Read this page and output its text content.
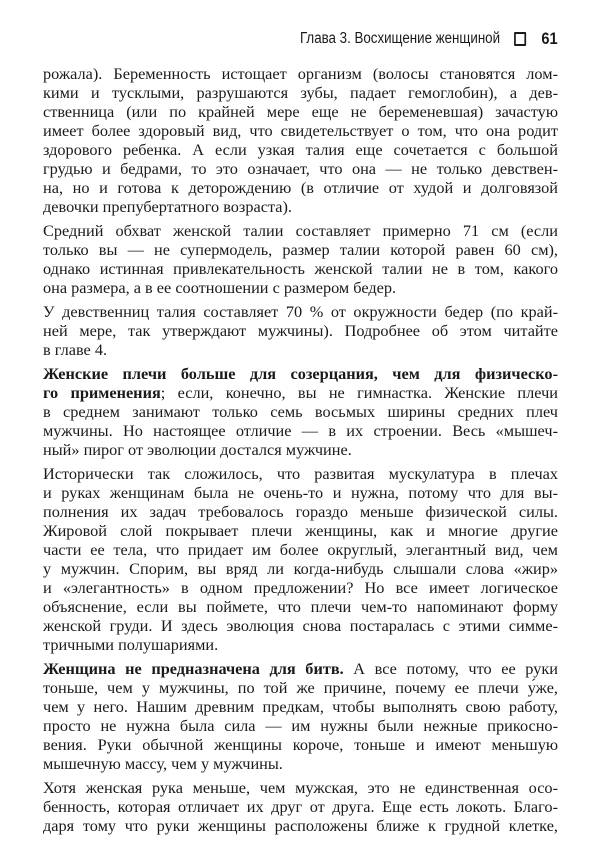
Глава 3. Восхищение женщиной 61
рожала). Беременность истощает организм (волосы становятся лом-
кими и тусклыми, разрушаются зубы, падает гемоглобин), а дев-
ственница (или по крайней мере еще не беременевшая) зачастую
имеет более здоровый вид, что свидетельствует о том, что она родит
здорового ребенка. А если узкая талия еще сочетается с большой
грудью и бедрами, то это означает, что она — не только девствен-
на, но и готова к деторождению (в отличие от худой и долговязой
девочки препубертатного возраста).
Средний обхват женской талии составляет примерно 71 см (если
только вы — не супермодель, размер талии которой равен 60 см),
однако истинная привлекательность женской талии не в том, какого
она размера, а в ее соотношении с размером бедер.
У девственниц талия составляет 70 % от окружности бедер (по край-
ней мере, так утверждают мужчины). Подробнее об этом читайте
в главе 4.
Женские плечи больше для созерцания, чем для физическо-
го применения; если, конечно, вы не гимнастка. Женские плечи
в среднем занимают только семь восьмых ширины средних плеч
мужчины. Но настоящее отличие — в их строении. Весь «мышеч-
ный» пирог от эволюции достался мужчине.
Исторически так сложилось, что развитая мускулатура в плечах
и руках женщинам была не очень-то и нужна, потому что для вы-
полнения их задач требовалось гораздо меньше физической силы.
Жировой слой покрывает плечи женщины, как и многие другие
части ее тела, что придает им более округлый, элегантный вид, чем
у мужчин. Спорим, вы вряд ли когда-нибудь слышали слова «жир»
и «элегантность» в одном предложении? Но все имеет логическое
объяснение, если вы поймете, что плечи чем-то напоминают форму
женской груди. И здесь эволюция снова постаралась с этими симме-
тричными полушариями.
Женщина не предназначена для битв. А все потому, что ее руки
тоньше, чем у мужчины, по той же причине, почему ее плечи у́же,
чем у него. Нашим древним предкам, чтобы выполнять свою работу,
просто не нужна была сила — им нужны были нежные прикосно-
вения. Руки обычной женщины короче, тоньше и имеют меньшую
мышечную массу, чем у мужчины.
Хотя женская рука меньше, чем мужская, это не единственная осо-
бенность, которая отличает их друг от друга. Еще есть локоть. Благо-
даря тому что руки женщины расположены ближе к грудной клетке,
